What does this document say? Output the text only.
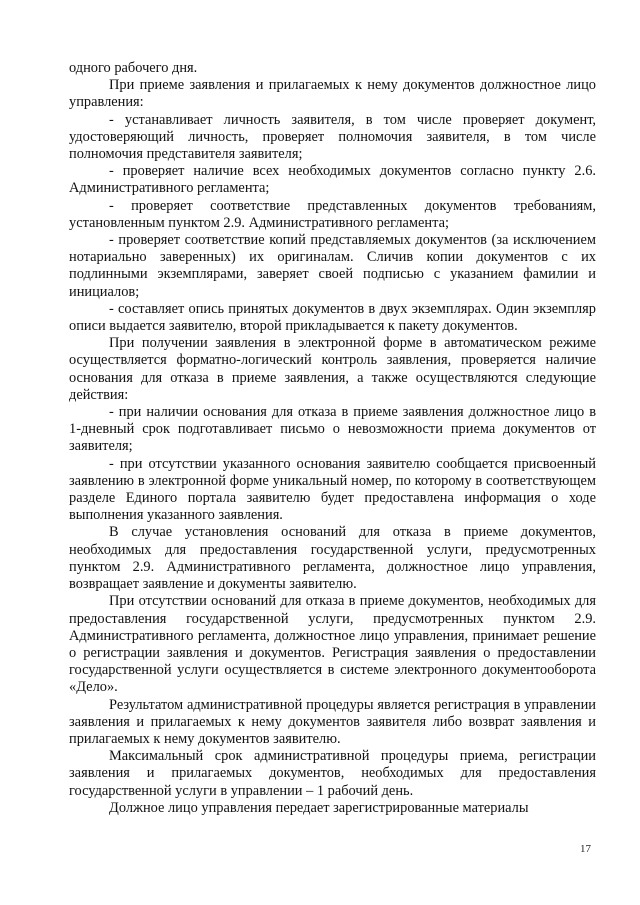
одного рабочего дня.

При приеме заявления и прилагаемых к нему документов должностное лицо управления:

- устанавливает личность заявителя, в том числе проверяет документ, удостоверяющий личность, проверяет полномочия заявителя, в том числе полномочия представителя заявителя;

- проверяет наличие всех необходимых документов согласно пункту 2.6. Административного регламента;

- проверяет соответствие представленных документов требованиям, установленным пунктом 2.9. Административного регламента;

- проверяет соответствие копий представляемых документов (за исключением нотариально заверенных) их оригиналам. Сличив копии документов с их подлинными экземплярами, заверяет своей подписью с указанием фамилии и инициалов;

- составляет опись принятых документов в двух экземплярах. Один экземпляр описи выдается заявителю, второй прикладывается к пакету документов.

При получении заявления в электронной форме в автоматическом режиме осуществляется форматно-логический контроль заявления, проверяется наличие основания для отказа в приеме заявления, а также осуществляются следующие действия:

- при наличии основания для отказа в приеме заявления должностное лицо в 1-дневный срок подготавливает письмо о невозможности приема документов от заявителя;

- при отсутствии указанного основания заявителю сообщается присвоенный заявлению в электронной форме уникальный номер, по которому в соответствующем разделе Единого портала заявителю будет предоставлена информация о ходе выполнения указанного заявления.

В случае установления оснований для отказа в приеме документов, необходимых для предоставления государственной услуги, предусмотренных пунктом 2.9. Административного регламента, должностное лицо управления, возвращает заявление и документы заявителю.

При отсутствии оснований для отказа в приеме документов, необходимых для предоставления государственной услуги, предусмотренных пунктом 2.9. Административного регламента, должностное лицо управления, принимает решение о регистрации заявления и документов. Регистрация заявления о предоставлении государственной услуги осуществляется в системе электронного документооборота «Дело».

Результатом административной процедуры является регистрация в управлении заявления и прилагаемых к нему документов заявителя либо возврат заявления и прилагаемых к нему документов заявителю.

Максимальный срок административной процедуры приема, регистрации заявления и прилагаемых документов, необходимых для предоставления государственной услуги в управлении – 1 рабочий день.

Должное лицо управления передает зарегистрированные материалы

17
